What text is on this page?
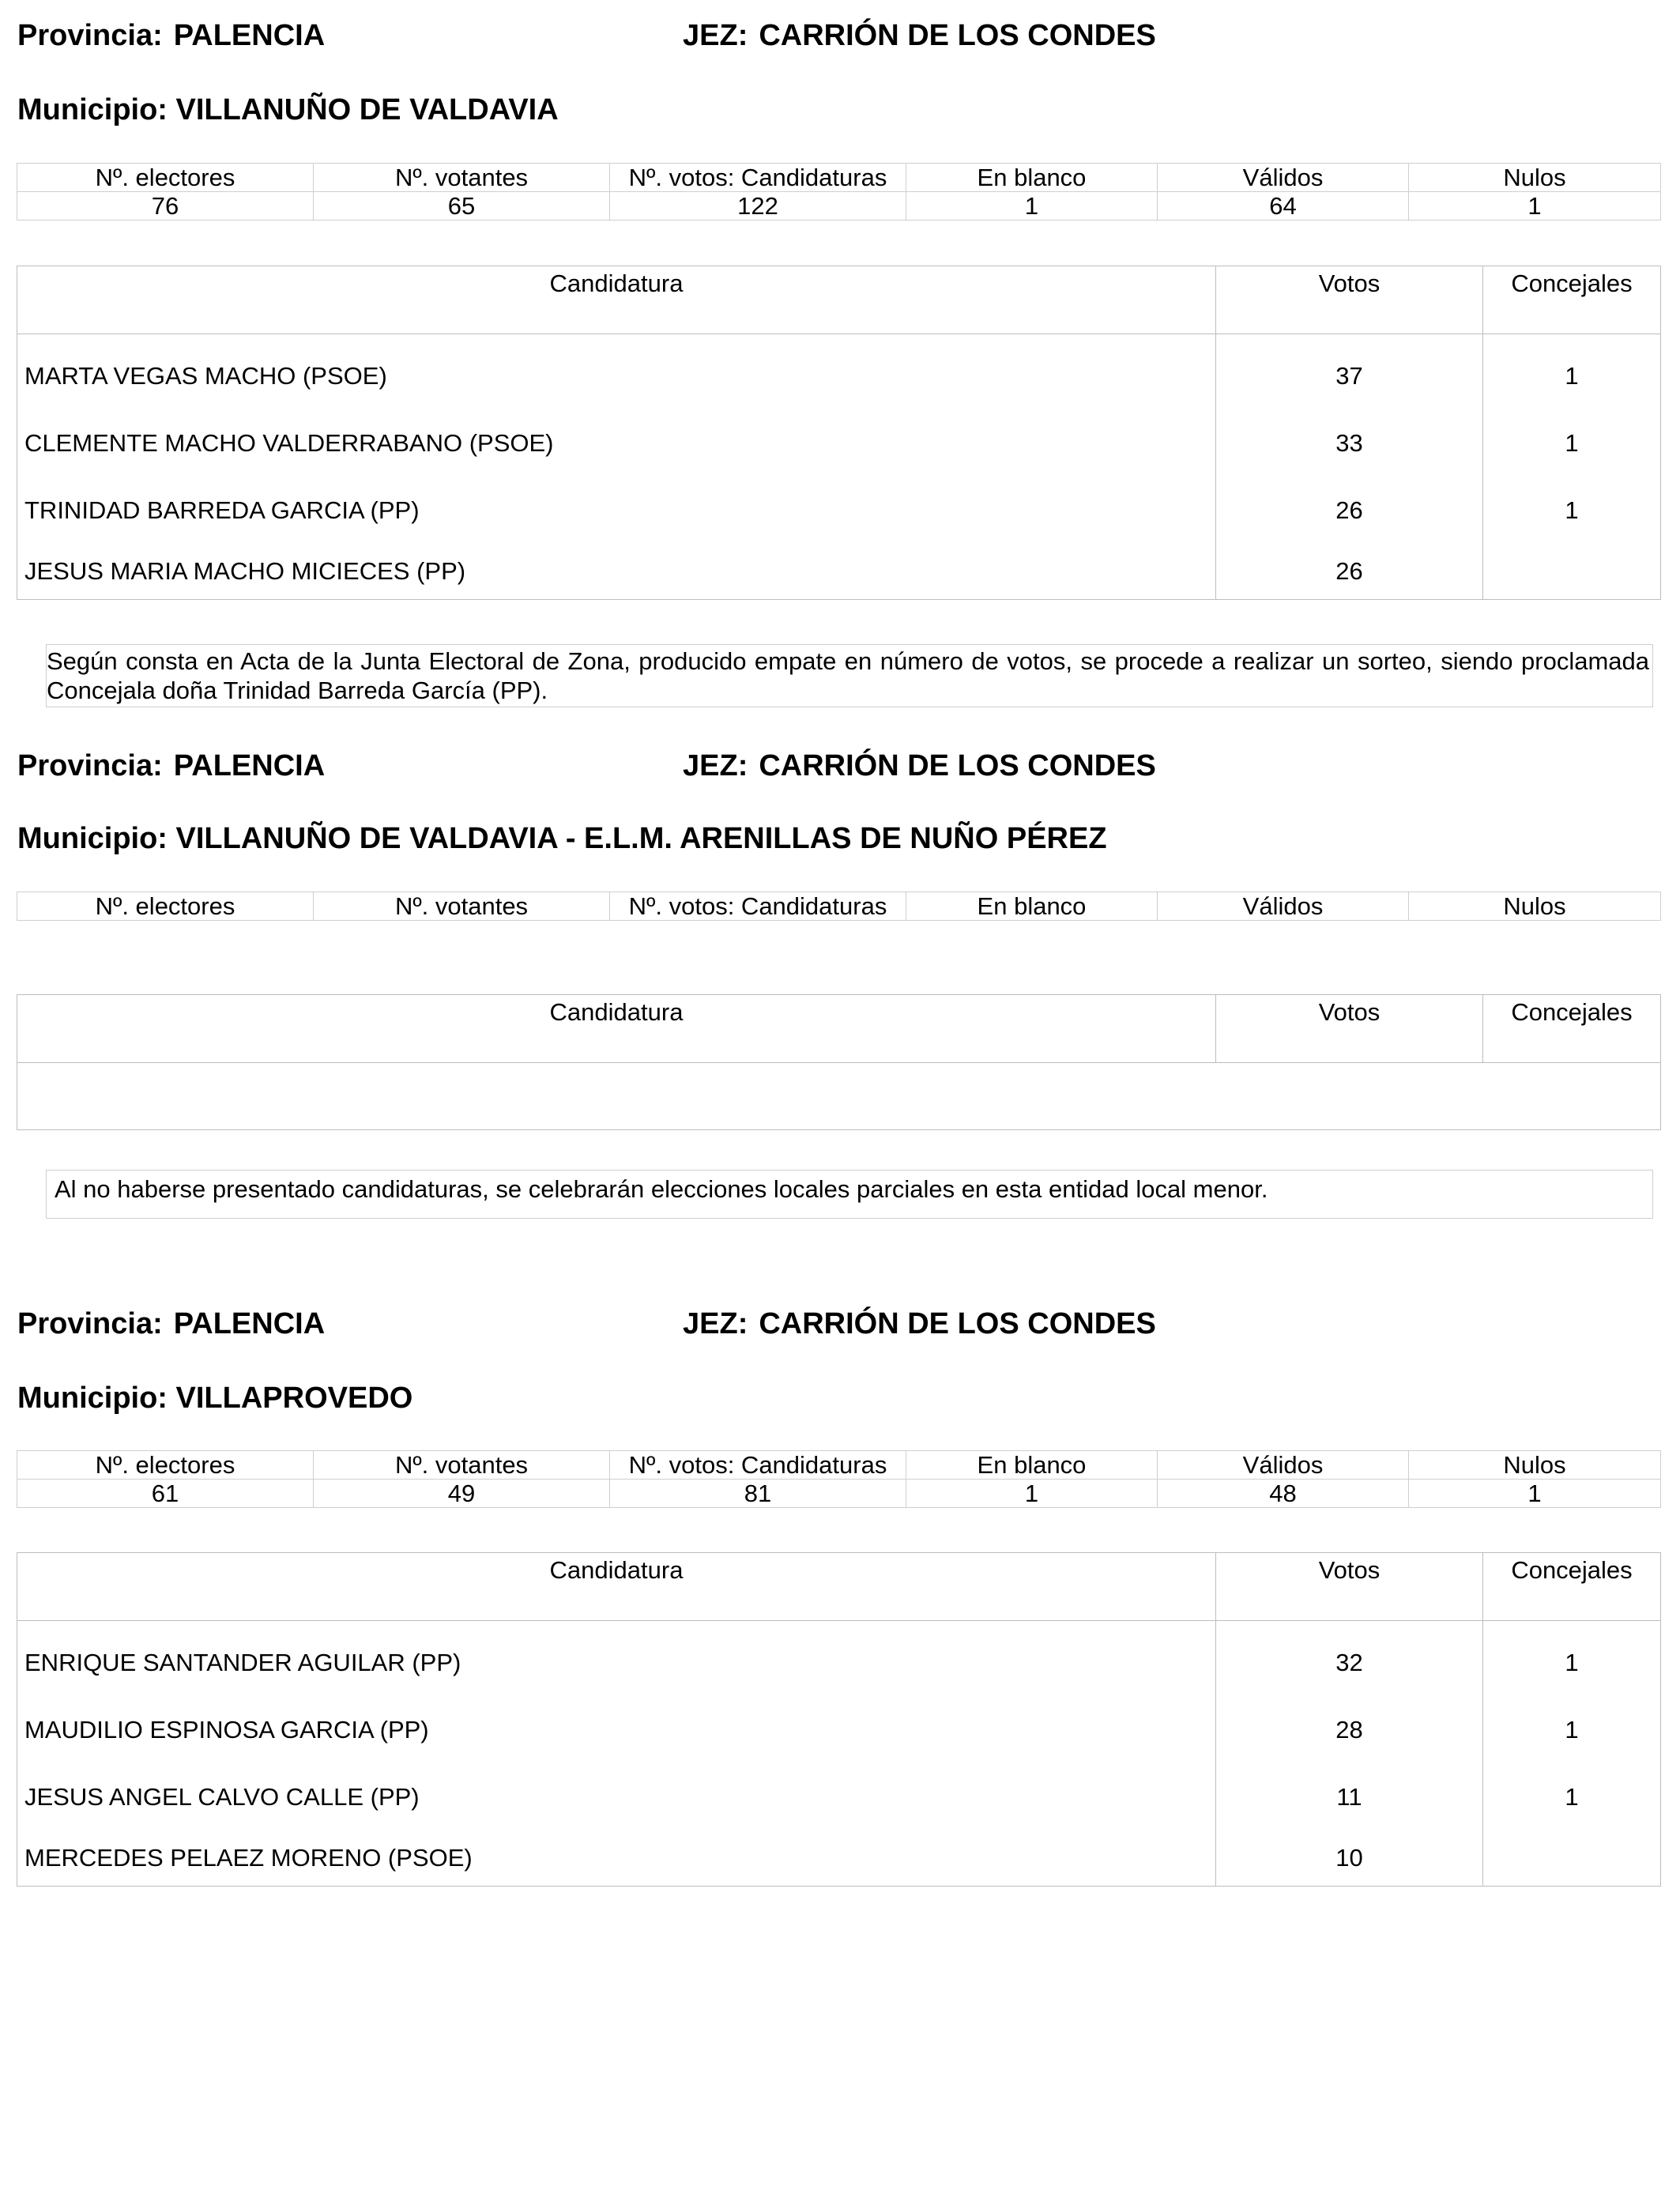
Provincia: PALENCIA	JEZ: CARRIÓN DE LOS CONDES
Municipio: VILLANUÑO DE VALDAVIA
Nº. electores	Nº. votantes	Nº. votos: Candidaturas	En blanco	Válidos	Nulos
76	65	122	1	64	1
Candidatura	Votos	Concejales
MARTA VEGAS MACHO (PSOE)	37	1
CLEMENTE MACHO VALDERRABANO (PSOE)	33	1
TRINIDAD BARREDA GARCIA (PP)	26	1
JESUS MARIA MACHO MICIECES (PP)	26	
Según consta en Acta de la Junta Electoral de Zona, producido empate en número de votos, se procede a realizar un sorteo, siendo proclamada Concejala doña Trinidad Barreda García (PP).
Provincia: PALENCIA	JEZ: CARRIÓN DE LOS CONDES
Municipio: VILLANUÑO DE VALDAVIA - E.L.M. ARENILLAS DE NUÑO PÉREZ
Nº. electores	Nº. votantes	Nº. votos: Candidaturas	En blanco	Válidos	Nulos
Candidatura	Votos	Concejales

Al no haberse presentado candidaturas, se celebrarán elecciones locales parciales en esta entidad local menor.
Provincia: PALENCIA	JEZ: CARRIÓN DE LOS CONDES
Municipio: VILLAPROVEDO
Nº. electores	Nº. votantes	Nº. votos: Candidaturas	En blanco	Válidos	Nulos
61	49	81	1	48	1
Candidatura	Votos	Concejales
ENRIQUE SANTANDER AGUILAR (PP)	32	1
MAUDILIO ESPINOSA GARCIA (PP)	28	1
JESUS ANGEL CALVO CALLE (PP)	11	1
MERCEDES PELAEZ MORENO (PSOE)	10	
